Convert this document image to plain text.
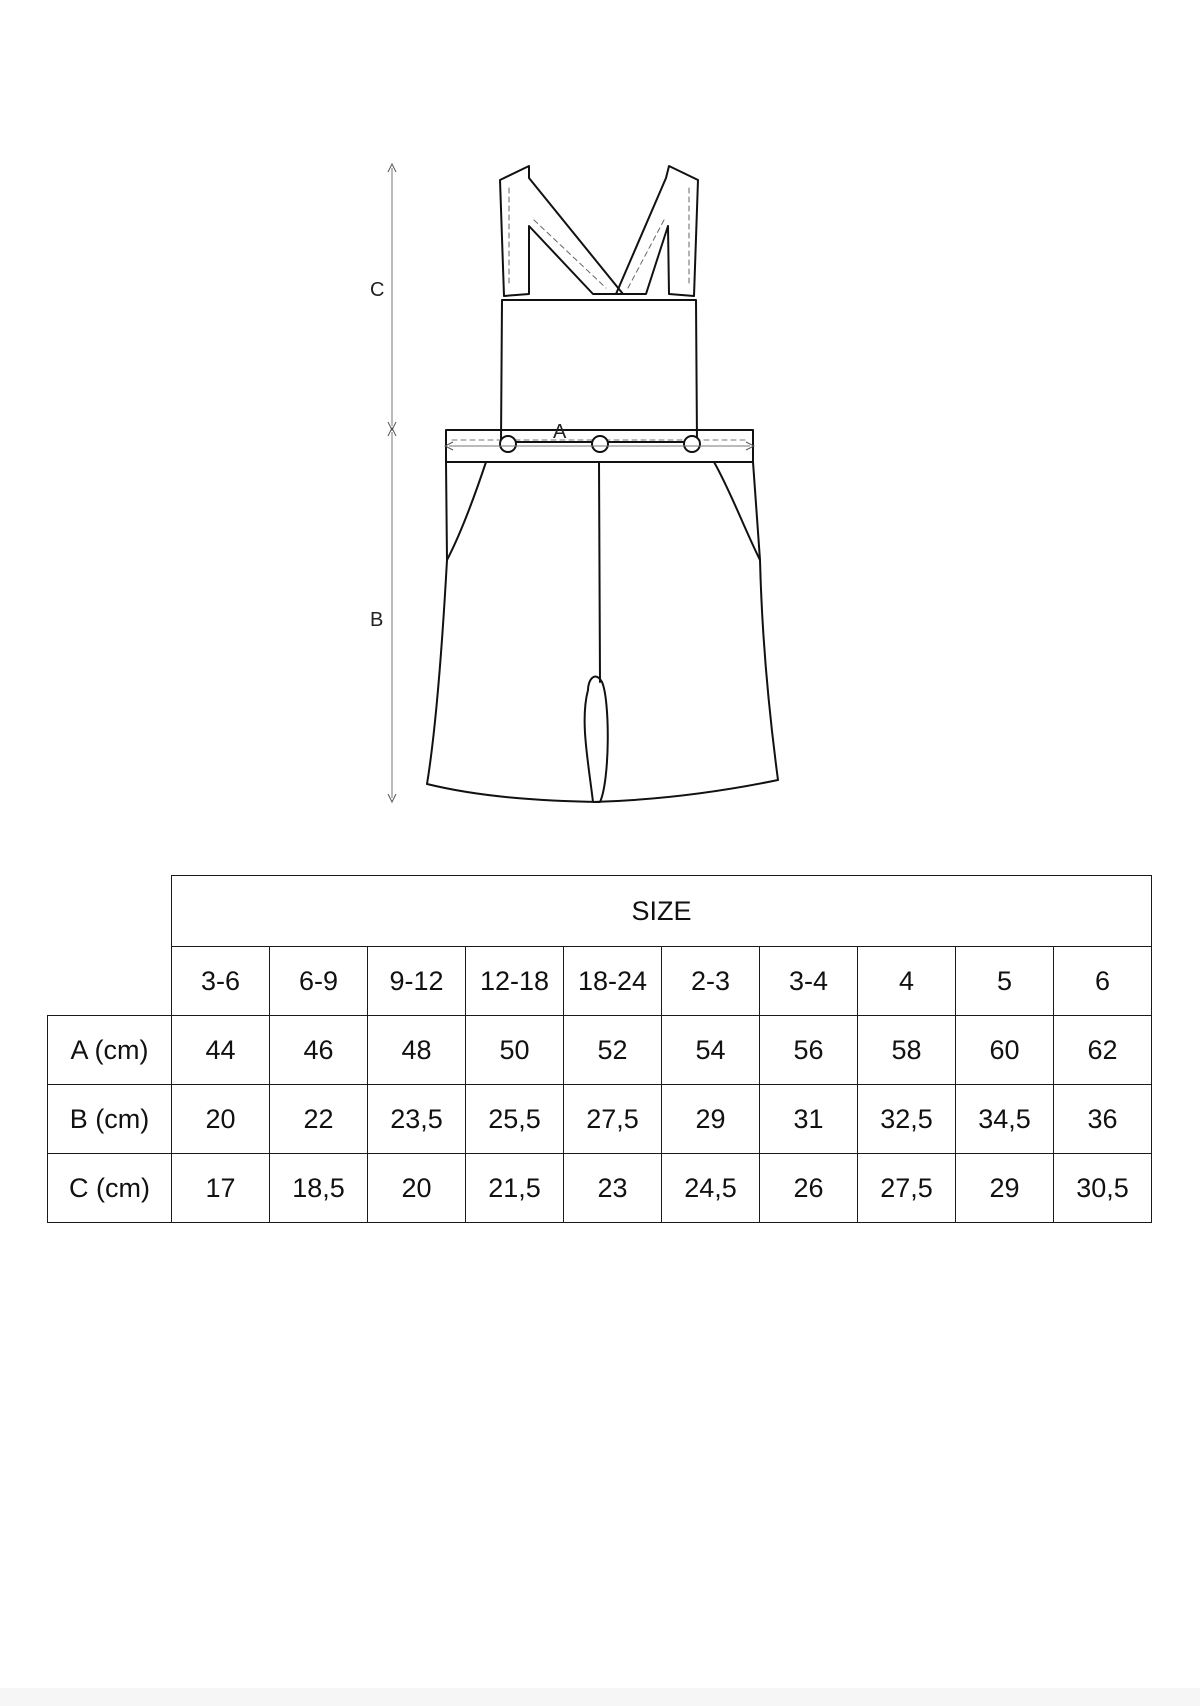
C
B
A
	SIZE									
	3-6	6-9	9-12	12-18	18-24	2-3	3-4	4	5	6
A (cm)	44	46	48	50	52	54	56	58	60	62
B (cm)	20	22	23,5	25,5	27,5	29	31	32,5	34,5	36
C (cm)	17	18,5	20	21,5	23	24,5	26	27,5	29	30,5
